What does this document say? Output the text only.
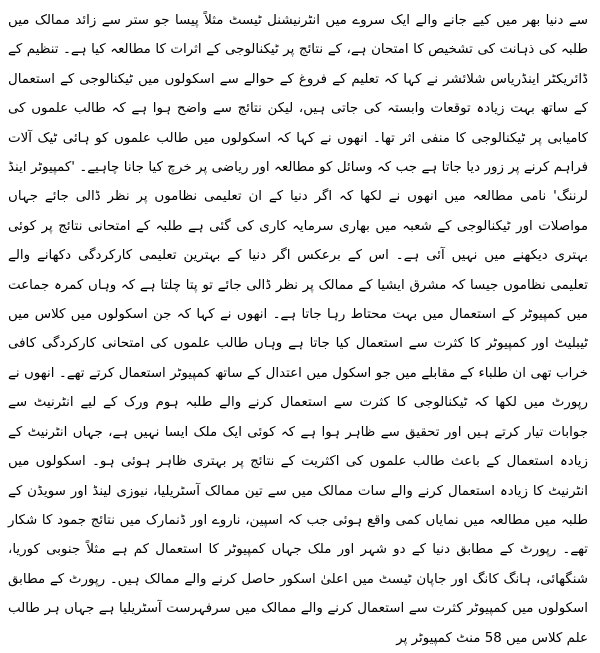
سے دنیا بھر میں کیے جانے والے ایک سروے میں انٹرنیشنل ٹیسٹ مثلاً پیسا جو ستر سے زائد ممالک میں طلبہ کی ذہانت کی تشخیص کا امتحان ہے، کے نتائج پر ٹیکنالوجی کے اثرات کا مطالعہ کیا ہے۔ تنظیم کے ڈائریکٹر اینڈریاس شلائشر نے کہا کہ تعلیم کے فروغ کے حوالے سے اسکولوں میں ٹیکنالوجی کے استعمال کے ساتھ بہت زیادہ توقعات وابستہ کی جاتی ہیں، لیکن نتائج سے واضح ہوا ہے کہ طالب علموں کی کامیابی پر ٹیکنالوجی کا منفی اثر تھا۔ انھوں نے کہا کہ اسکولوں میں طالب علموں کو ہائی ٹیک آلات فراہم کرنے پر زور دیا جاتا ہے جب کہ وسائل کو مطالعہ اور ریاضی پر خرچ کیا جانا چاہیے۔ 'کمپیوٹر اینڈ لرننگ' نامی مطالعہ میں انھوں نے لکھا کہ اگر دنیا کے ان تعلیمی نظاموں پر نظر ڈالی جائے جہاں مواصلات اور ٹیکنالوجی کے شعبہ میں بھاری سرمایہ کاری کی گئی ہے طلبہ کے امتحانی نتائج پر کوئی بہتری دیکھنے میں نہیں آئی ہے۔ اس کے برعکس اگر دنیا کے بہترین تعلیمی کارکردگی دکھانے والے تعلیمی نظاموں جیسا کہ مشرق ایشیا کے ممالک پر نظر ڈالی جائے تو پتا چلتا ہے کہ وہاں کمرہ جماعت میں کمپیوٹر کے استعمال میں بہت محتاط رہا جاتا ہے۔ انھوں نے کہا کہ جن اسکولوں میں کلاس میں ٹیبلیٹ اور کمپیوٹر کا کثرت سے استعمال کیا جاتا ہے وہاں طالب علموں کی امتحانی کارکردگی کافی خراب تھی ان طلباء کے مقابلے میں جو اسکول میں اعتدال کے ساتھ کمپیوٹر استعمال کرتے تھے۔ انھوں نے رپورٹ میں لکھا کہ ٹیکنالوجی کا کثرت سے استعمال کرنے والے طلبہ ہوم ورک کے لیے انٹرنیٹ سے جوابات تیار کرتے ہیں اور تحقیق سے ظاہر ہوا ہے کہ کوئی ایک ملک ایسا نہیں ہے، جہاں انٹرنیٹ کے زیادہ استعمال کے باعث طالب علموں کی اکثریت کے نتائج پر بہتری ظاہر ہوئی ہو۔ اسکولوں میں انٹرنیٹ کا زیادہ استعمال کرنے والے سات ممالک میں سے تین ممالک آسٹریلیا، نیوزی لینڈ اور سویڈن کے طلبہ میں مطالعہ میں نمایاں کمی واقع ہوئی جب کہ اسپین، ناروے اور ڈنمارک میں نتائج جمود کا شکار تھے۔ رپورٹ کے مطابق دنیا کے دو شہر اور ملک جہاں کمپیوٹر کا استعمال کم ہے مثلاً جنوبی کوریا، شنگھائی، ہانگ کانگ اور جاپان ٹیسٹ میں اعلیٰ اسکور حاصل کرنے والے ممالک ہیں۔ رپورٹ کے مطابق اسکولوں میں کمپیوٹر کثرت سے استعمال کرنے والے ممالک میں سرفہرست آسٹریلیا ہے جہاں ہر طالب علم کلاس میں 58 منٹ کمپیوٹر پر
